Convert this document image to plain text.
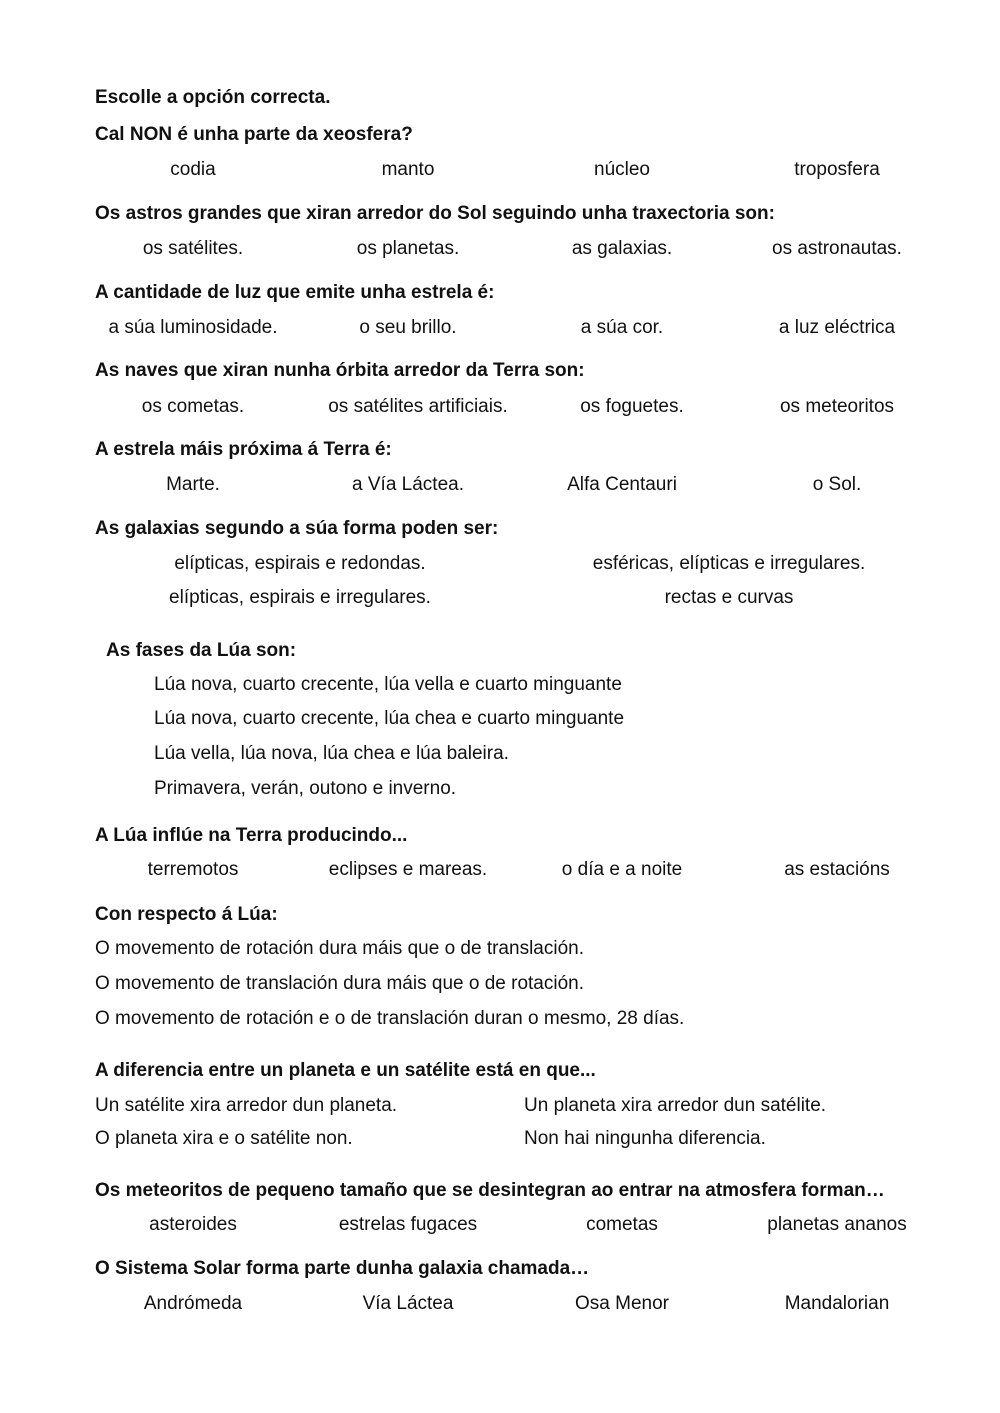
Escolle a opción correcta.
Cal NON é unha parte da xeosfera?
codia	manto	núcleo	troposfera
Os astros grandes que xiran arredor do Sol seguindo unha traxectoria son:
os satélites.	os planetas.	as galaxias.	os astronautas.
A cantidade de luz que emite unha estrela é:
a súa luminosidade.	o seu brillo.	a súa cor.	a luz eléctrica
As naves que xiran nunha órbita arredor da Terra son:
os cometas.	os satélites artificiais.	os foguetes.	os meteoritos
A estrela máis próxima á Terra é:
Marte.	a Vía Láctea.	Alfa Centauri	o Sol.
As galaxias segundo a súa forma poden ser:
elípticas, espirais e redondas.	esféricas, elípticas e irregulares.
elípticas, espirais e irregulares.	rectas e curvas
As fases da Lúa son:
Lúa nova, cuarto crecente, lúa vella e cuarto minguante
Lúa nova, cuarto crecente, lúa chea e cuarto minguante
Lúa vella, lúa nova, lúa chea e lúa baleira.
Primavera, verán, outono e inverno.
A Lúa inflúe na Terra producindo...
terremotos	eclipses e mareas.	o día e a noite	as estacións
Con respecto á Lúa:
O movemento de rotación dura máis que o de translación.
O movemento de translación dura máis que o de rotación.
O movemento de rotación e o de translación duran o mesmo, 28 días.
A diferencia entre un planeta e un satélite está en que...
Un satélite xira arredor dun planeta.	Un planeta xira arredor dun satélite.
O planeta xira e o satélite non.	Non hai ningunha diferencia.
Os meteoritos de pequeno tamaño que se desintegran ao entrar na atmosfera forman…
asteroides	estrelas fugaces	cometas	planetas ananos
O Sistema Solar forma parte dunha galaxia chamada…
Andrómeda	Vía Láctea	Osa Menor	Mandalorian
